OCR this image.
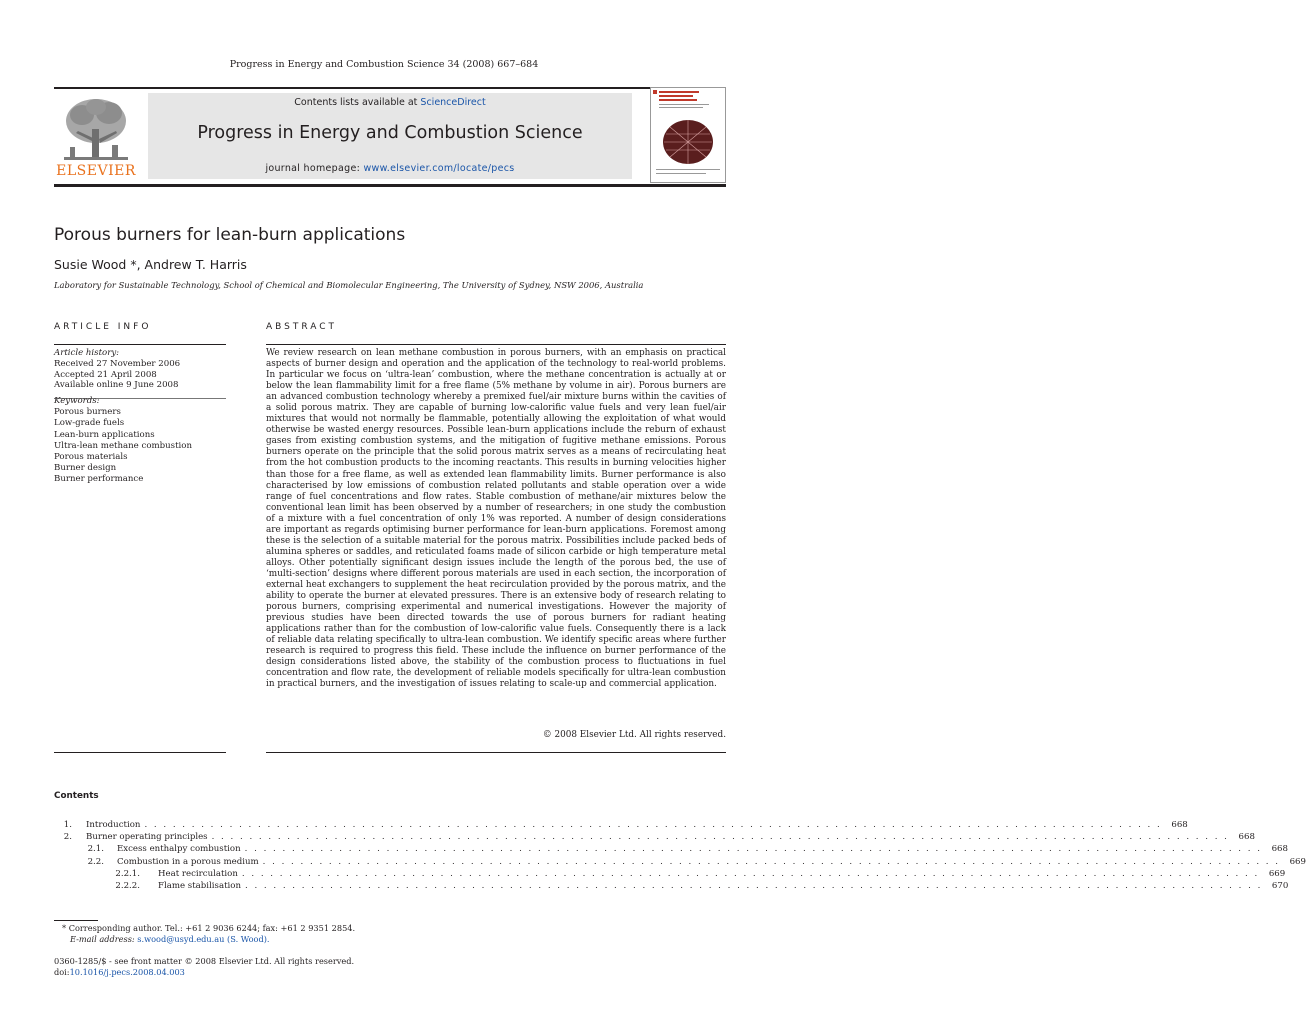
Progress in Energy and Combustion Science 34 (2008) 667–684
ELSEVIER
Contents lists available at ScienceDirect
Progress in Energy and Combustion Science
journal homepage: www.elsevier.com/locate/pecs
Porous burners for lean-burn applications
Susie Wood *, Andrew T. Harris
Laboratory for Sustainable Technology, School of Chemical and Biomolecular Engineering, The University of Sydney, NSW 2006, Australia
ARTICLE INFO	ABSTRACT
Article history:
Received 27 November 2006
Accepted 21 April 2008
Available online 9 June 2008
Keywords:
Porous burners
Low-grade fuels
Lean-burn applications
Ultra-lean methane combustion
Porous materials
Burner design
Burner performance
We review research on lean methane combustion in porous burners, with an emphasis on practical aspects of burner design and operation and the application of the technology to real-world problems. In particular we focus on ‘ultra-lean’ combustion, where the methane concentration is actually at or below the lean flammability limit for a free flame (5% methane by volume in air). Porous burners are an advanced combustion technology whereby a premixed fuel/air mixture burns within the cavities of a solid porous matrix. They are capable of burning low-calorific value fuels and very lean fuel/air mixtures that would not normally be flammable, potentially allowing the exploitation of what would otherwise be wasted energy resources. Possible lean-burn applications include the reburn of exhaust gases from existing combustion systems, and the mitigation of fugitive methane emissions. Porous burners operate on the principle that the solid porous matrix serves as a means of recirculating heat from the hot combustion products to the incoming reactants. This results in burning velocities higher than those for a free flame, as well as extended lean flammability limits. Burner performance is also characterised by low emissions of combustion related pollutants and stable operation over a wide range of fuel concentrations and flow rates. Stable combustion of methane/air mixtures below the conventional lean limit has been observed by a number of researchers; in one study the combustion of a mixture with a fuel concentration of only 1% was reported. A number of design considerations are important as regards optimising burner performance for lean-burn applications. Foremost among these is the selection of a suitable material for the porous matrix. Possibilities include packed beds of alumina spheres or saddles, and reticulated foams made of silicon carbide or high temperature metal alloys. Other potentially significant design issues include the length of the porous bed, the use of ‘multi-section’ designs where different porous materials are used in each section, the incorporation of external heat exchangers to supplement the heat recirculation provided by the porous matrix, and the ability to operate the burner at elevated pressures. There is an extensive body of research relating to porous burners, comprising experimental and numerical investigations. However the majority of previous studies have been directed towards the use of porous burners for radiant heating applications rather than for the combustion of low-calorific value fuels. Consequently there is a lack of reliable data relating specifically to ultra-lean combustion. We identify specific areas where further research is required to progress this field. These include the influence on burner performance of the design considerations listed above, the stability of the combustion process to fluctuations in fuel concentration and flow rate, the development of reliable models specifically for ultra-lean combustion in practical burners, and the investigation of issues relating to scale-up and commercial application.
© 2008 Elsevier Ltd. All rights reserved.
Contents
1. Introduction . . . . . . . . . . . . . . . . . . . . . . . . . . . . . . . . . . . . . . . . . . . . . . . . . . . . . . . . . . . . . . . . . . . . . . . . . . . . . . . . . . . . . . . . . . . . . . . . . . . . . . . . . . . .	668
2. Burner operating principles . . . . . . . . . . . . . . . . . . . . . . . . . . . . . . . . . . . . . . . . . . . . . . . . . . . . . . . . . . . . . . . . . . . . . . . . . . . . . . . . . . . . . . . . . . . . . . . . . . . . . . . . . . . .	668
2.1. Excess enthalpy combustion . . . . . . . . . . . . . . . . . . . . . . . . . . . . . . . . . . . . . . . . . . . . . . . . . . . . . . . . . . . . . . . . . . . . . . . . . . . . . . . . . . . . . . . . . . . . . . . . . . . . . . . . . . . .	668
2.2. Combustion in a porous medium . . . . . . . . . . . . . . . . . . . . . . . . . . . . . . . . . . . . . . . . . . . . . . . . . . . . . . . . . . . . . . . . . . . . . . . . . . . . . . . . . . . . . . . . . . . . . . . . . . . . . . . . . . . .	669
2.2.1. Heat recirculation . . . . . . . . . . . . . . . . . . . . . . . . . . . . . . . . . . . . . . . . . . . . . . . . . . . . . . . . . . . . . . . . . . . . . . . . . . . . . . . . . . . . . . . . . . . . . . . . . . . . . . . . . . . .	669
2.2.2. Flame stabilisation . . . . . . . . . . . . . . . . . . . . . . . . . . . . . . . . . . . . . . . . . . . . . . . . . . . . . . . . . . . . . . . . . . . . . . . . . . . . . . . . . . . . . . . . . . . . . . . . . . . . . . . . . . . .	670
* Corresponding author. Tel.: +61 2 9036 6244; fax: +61 2 9351 2854.
E-mail address: s.wood@usyd.edu.au (S. Wood).
0360-1285/$ - see front matter © 2008 Elsevier Ltd. All rights reserved.
doi:10.1016/j.pecs.2008.04.003
